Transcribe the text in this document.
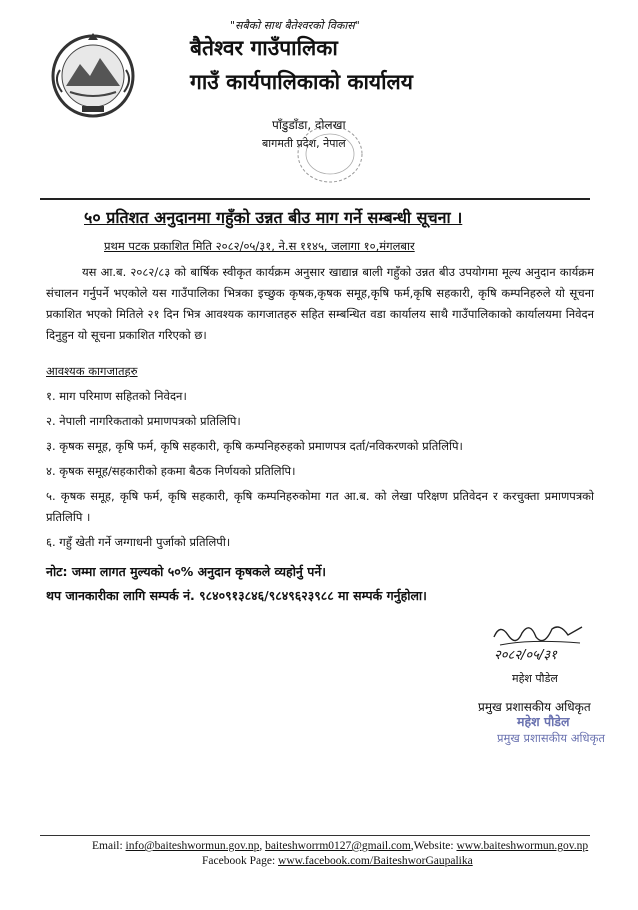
"सबैको साथ बैतेश्वरको विकास"
बैतेश्वर गाउँपालिका
गाउँ कार्यपालिकाको कार्यालय
पाँडुडाँडा, दोलखा
बागमती प्रदेश, नेपाल
५० प्रतिशत अनुदानमा गहुँको उन्नत बीउ माग गर्ने सम्बन्धी सूचना ।
प्रथम पटक प्रकाशित मिति २०८२/०५/३१, ने.स ११४५, जलागा १०,मंगलबार
यस आ.ब. २०८२/८३ को बार्षिक स्वीकृत कार्यक्रम अनुसार खाद्यान्न बाली गहुँको उन्नत बीउ उपयोगमा मूल्य अनुदान कार्यक्रम संचालन गर्नुपर्ने भएकोले यस गाउँपालिका भित्रका इच्छुक कृषक,कृषक समूह,कृषि फर्म,कृषि सहकारी, कृषि कम्पनिहरुले यो सूचना प्रकाशित भएको मितिले २१ दिन भित्र आवश्यक कागजातहरु सहित सम्बन्धित वडा कार्यालय साथै गाउँपालिकाको कार्यालयमा निवेदन दिनुहुन यो सूचना प्रकाशित गरिएको छ।
आवश्यक कागजातहरु
१. माग परिमाण सहितको निवेदन।
२. नेपाली नागरिकताको प्रमाणपत्रको प्रतिलिपि।
३. कृषक समूह, कृषि फर्म, कृषि सहकारी, कृषि कम्पनिहरुहको प्रमाणपत्र दर्ता/नविकरणको प्रतिलिपि।
४. कृषक समूह/सहकारीको हकमा बैठक निर्णयको प्रतिलिपि।
५. कृषक समूह, कृषि फर्म, कृषि सहकारी, कृषि कम्पनिहरुकोमा गत आ.ब. को लेखा परिक्षण प्रतिवेदन र करचुक्ता प्रमाणपत्रको प्रतिलिपि ।
६. गहुँ खेती गर्ने जग्गाधनी पुर्जाको प्रतिलिपी।
नोट: जम्मा लागत मुल्यको ५०% अनुदान कृषकले व्यहोर्नु पर्ने।
थप जानकारीका लागि सम्पर्क नं. ९८४०९१३८४६/९८४९६२३९८८ मा सम्पर्क गर्नुहोला।
२०८२/०५/३१
महेश पौडेल
प्रमुख प्रशासकीय अधिकृत
महेश पौडेल
प्रमुख प्रशासकीय अधिकृत
Email: info@baiteshwormun.gov.np, baiteshworrm0127@gmail.com,Website: www.baiteshwormun.gov.np
Facebook Page: www.facebook.com/BaiteshworGaupalika
